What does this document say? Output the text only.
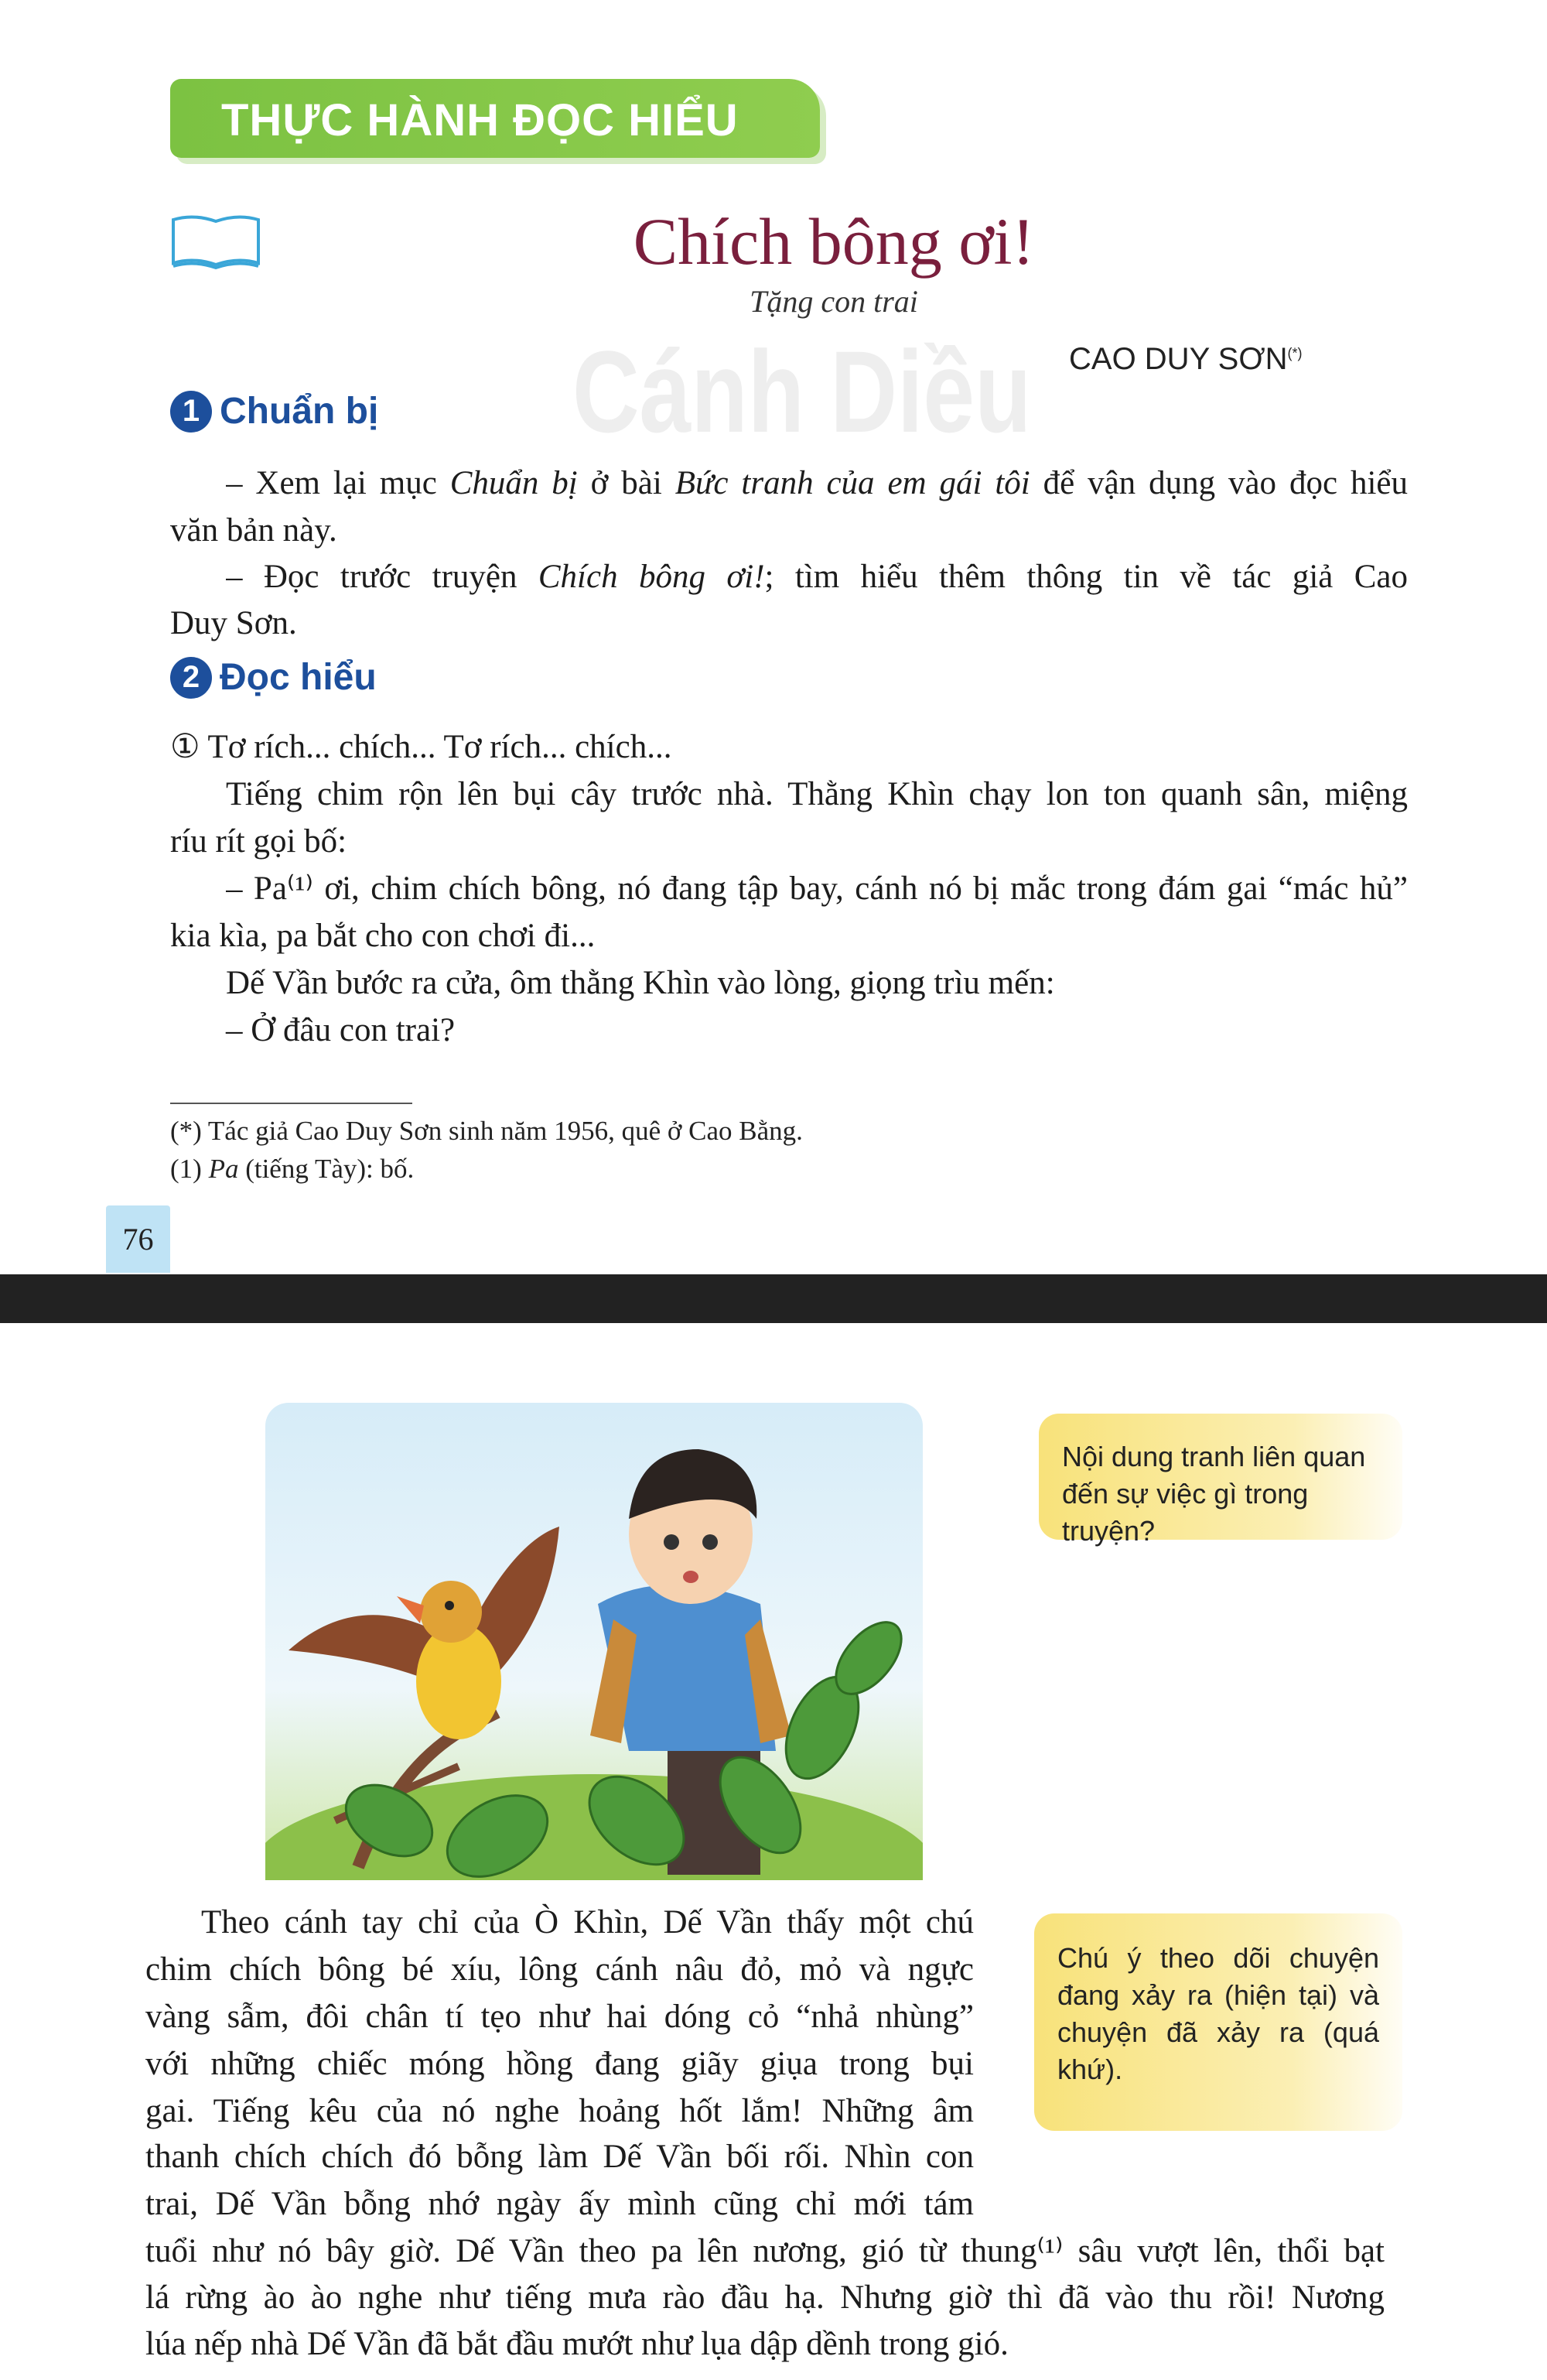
Cánh Diều
THỰC HÀNH ĐỌC HIỂU
Chích bông ơi!
Tặng con trai
CAO DUY SƠN(*)
1 Chuẩn bị
– Xem lại mục Chuẩn bị ở bài Bức tranh của em gái tôi để vận dụng vào đọc hiểu
văn bản này.
– Đọc trước truyện Chích bông ơi!; tìm hiểu thêm thông tin về tác giả Cao
Duy Sơn.
2 Đọc hiểu
① Tơ rích... chích... Tơ rích... chích...
Tiếng chim rộn lên bụi cây trước nhà. Thằng Khìn chạy lon ton quanh sân, miệng
ríu rít gọi bố:
– Pa⁽¹⁾ ơi, chim chích bông, nó đang tập bay, cánh nó bị mắc trong đám gai “mác hủ”
kia kìa, pa bắt cho con chơi đi...
Dế Vần bước ra cửa, ôm thằng Khìn vào lòng, giọng trìu mến:
– Ở đâu con trai?
(*) Tác giả Cao Duy Sơn sinh năm 1956, quê ở Cao Bằng.
(1) Pa (tiếng Tày): bố.
76
Nội dung tranh liên quan đến sự việc gì trong truyện?
Chú ý theo dõi chuyện đang xảy ra (hiện tại) và chuyện đã xảy ra (quá khứ).
Theo cánh tay chỉ của Ò Khìn, Dế Vần thấy một chú
chim chích bông bé xíu, lông cánh nâu đỏ, mỏ và ngực
vàng sẫm, đôi chân tí tẹo như hai dóng cỏ “nhả nhùng”
với những chiếc móng hồng đang giãy giụa trong bụi
gai. Tiếng kêu của nó nghe hoảng hốt lắm! Những âm
thanh chích chích đó bỗng làm Dế Vần bối rối. Nhìn con
trai, Dế Vần bỗng nhớ ngày ấy mình cũng chỉ mới tám
tuổi như nó bây giờ. Dế Vần theo pa lên nương, gió từ thung⁽¹⁾ sâu vượt lên, thổi bạt
lá rừng ào ào nghe như tiếng mưa rào đầu hạ. Nhưng giờ thì đã vào thu rồi! Nương
lúa nếp nhà Dế Vần đã bắt đầu mướt như lụa dập dềnh trong gió.
